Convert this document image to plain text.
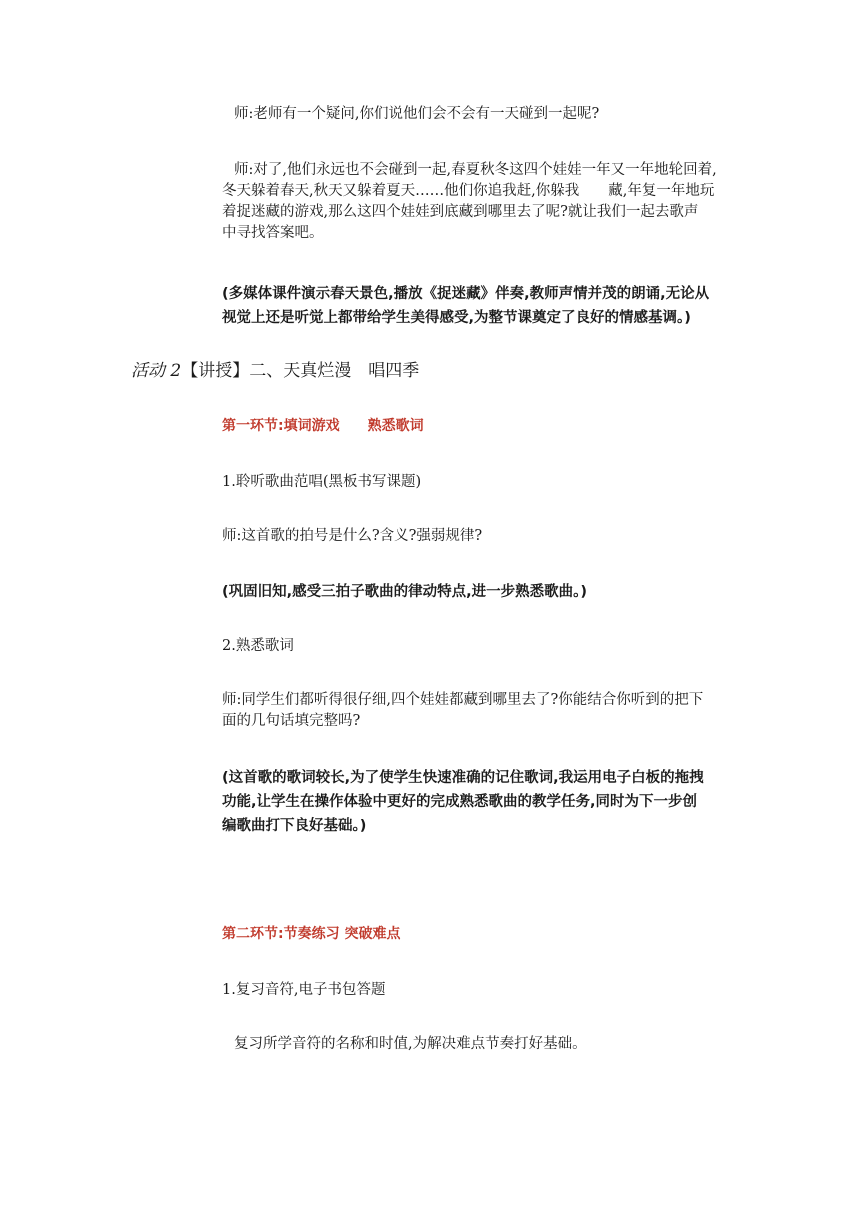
师:老师有一个疑问,你们说他们会不会有一天碰到一起呢?

师:对了,他们永远也不会碰到一起,春夏秋冬这四个娃娃一年又一年地轮回着,
冬天躲着春天,秋天又躲着夏天……他们你追我赶,你躲我　　藏,年复一年地玩
着捉迷藏的游戏,那么这四个娃娃到底藏到哪里去了呢?就让我们一起去歌声
中寻找答案吧。
(多媒体课件演示春天景色,播放《捉迷藏》伴奏,教师声情并茂的朗诵,无论从
视觉上还是听觉上都带给学生美得感受,为整节课奠定了良好的情感基调。)
活动 2【讲授】二、天真烂漫　唱四季

第一环节:填词游戏　　熟悉歌词

1.聆听歌曲范唱(黑板书写课题)

师:这首歌的拍号是什么?含义?强弱规律?

(巩固旧知,感受三拍子歌曲的律动特点,进一步熟悉歌曲。)

2.熟悉歌词

师:同学生们都听得很仔细,四个娃娃都藏到哪里去了?你能结合你听到的把下
面的几句话填完整吗?
(这首歌的歌词较长,为了使学生快速准确的记住歌词,我运用电子白板的拖拽
功能,让学生在操作体验中更好的完成熟悉歌曲的教学任务,同时为下一步创
编歌曲打下良好基础。)

第二环节:节奏练习 突破难点

1.复习音符,电子书包答题

复习所学音符的名称和时值,为解决难点节奏打好基础。
